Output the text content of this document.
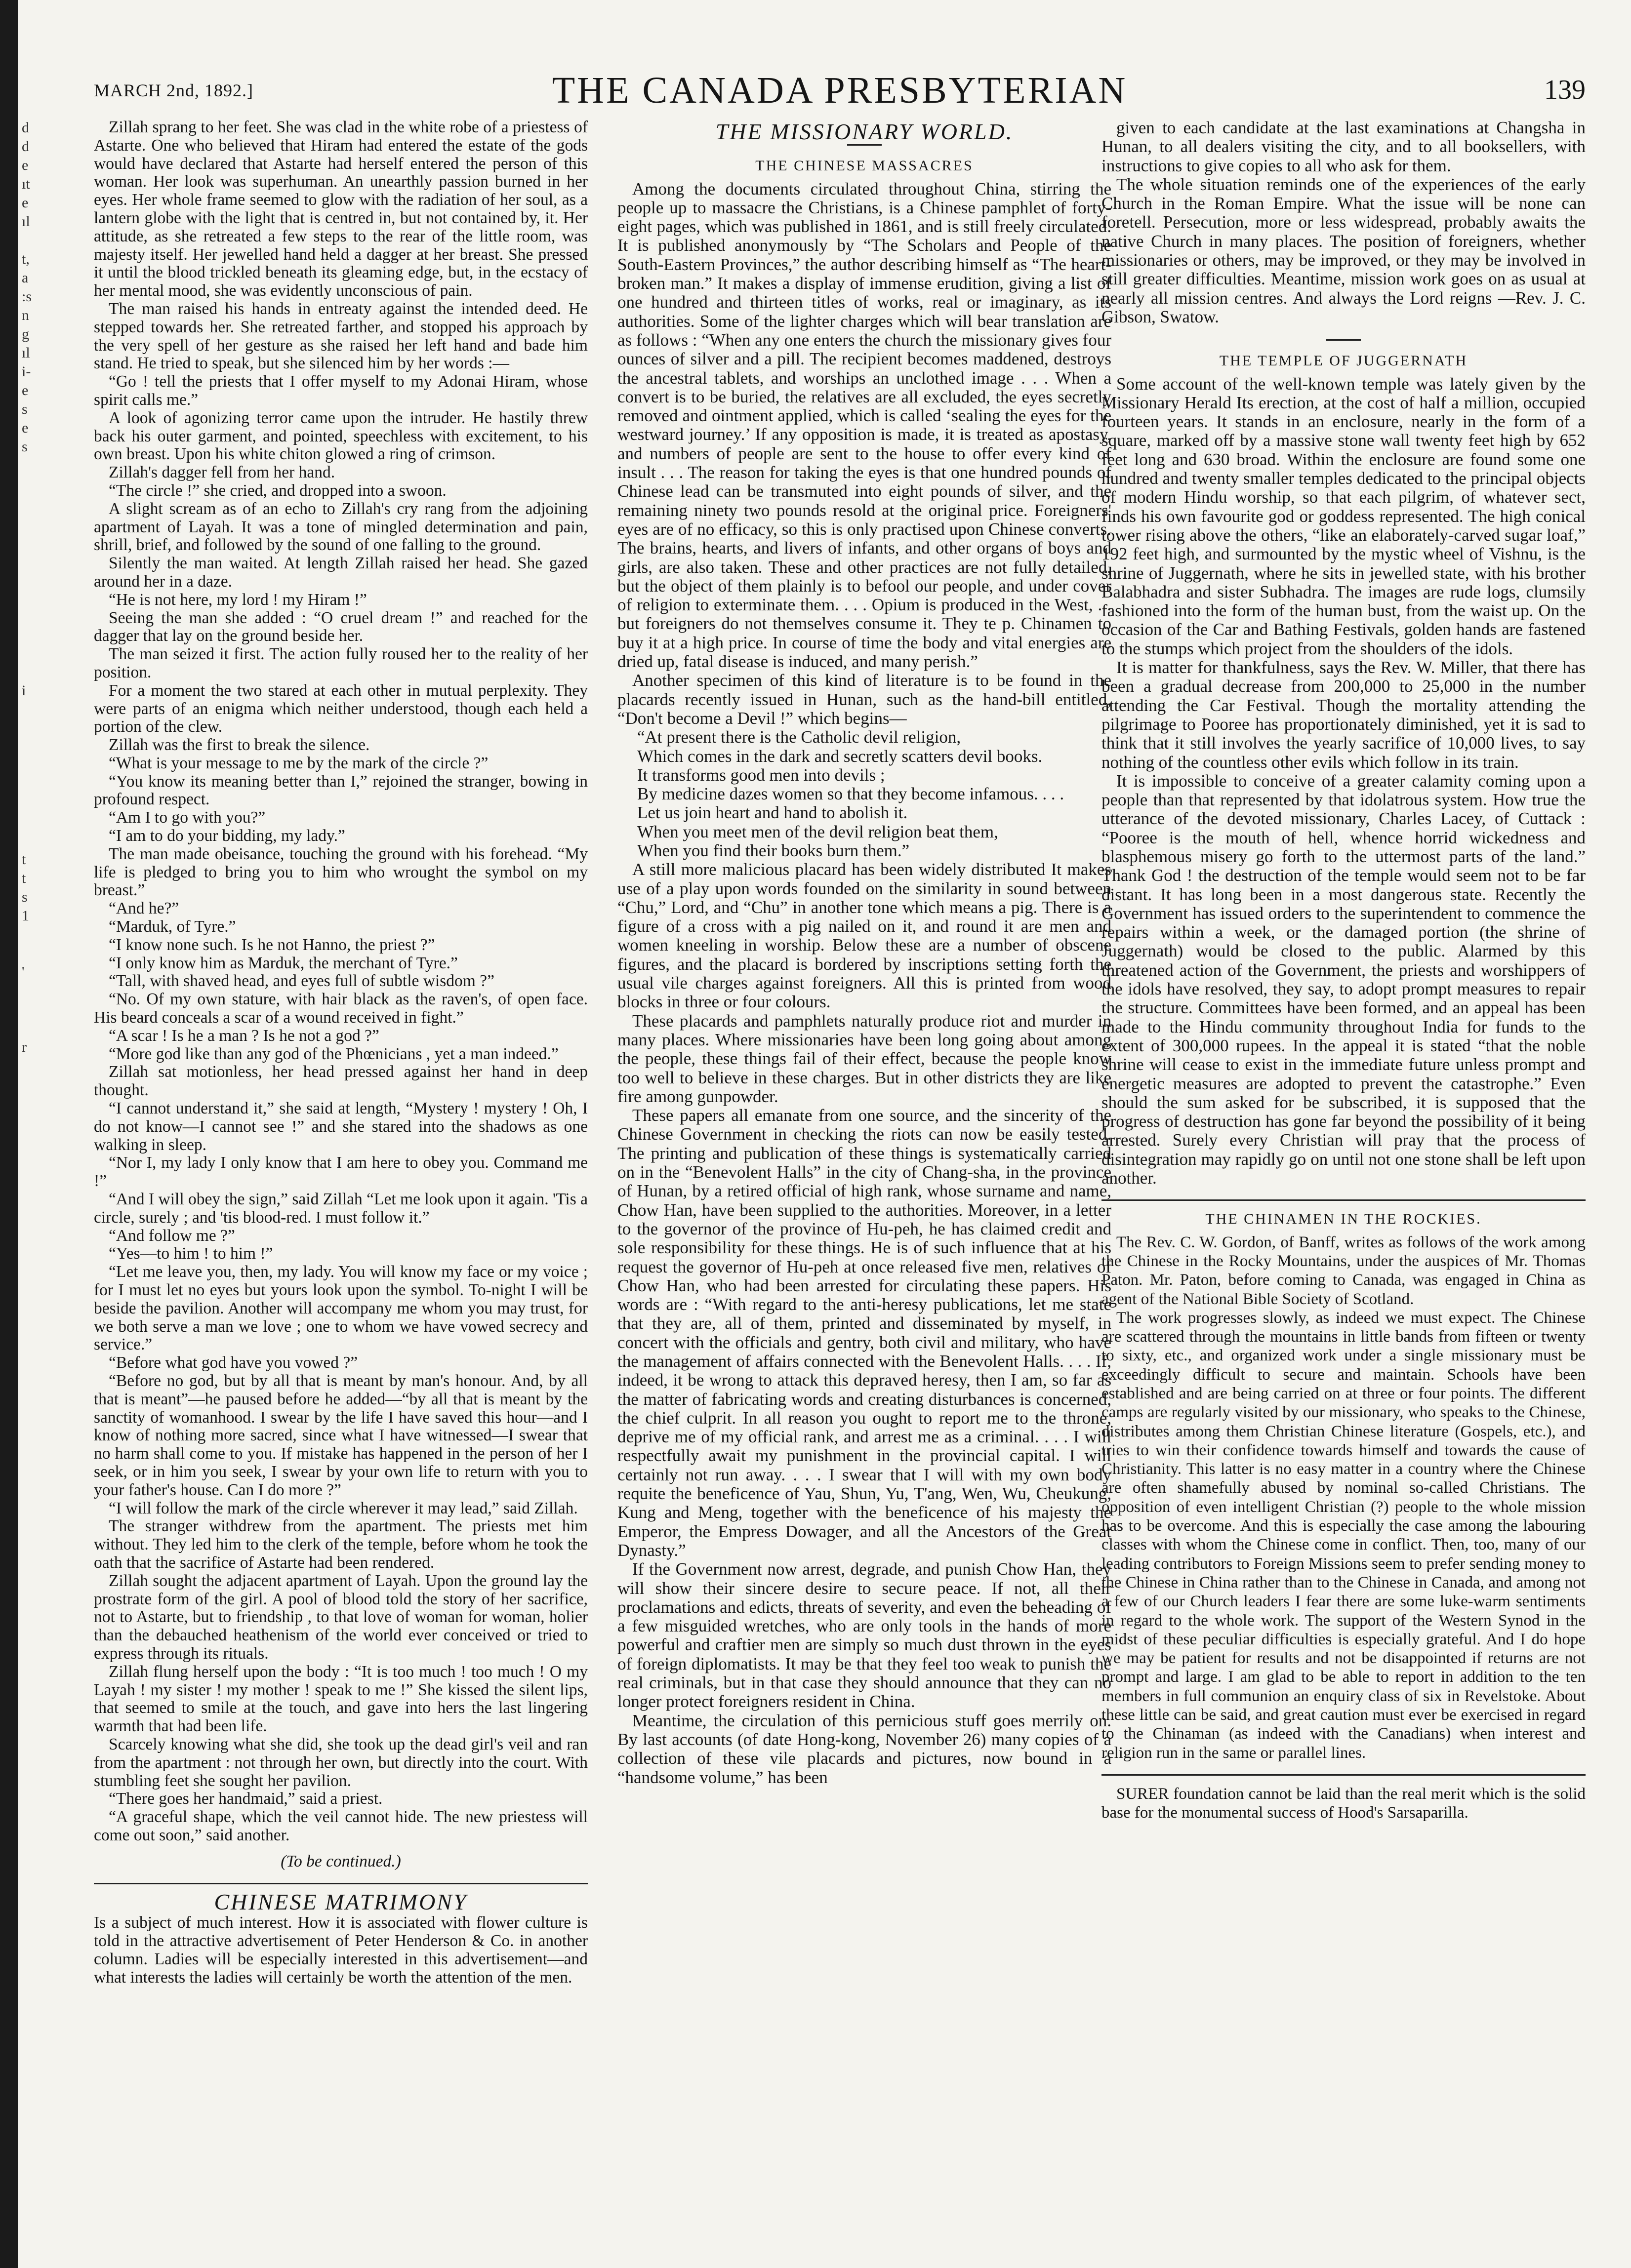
d
d
e
ıt
e
ıl
t,
a
:s
n
g
ıl
i-
e
s
e
s
i
t
t
s
1
'
r
MARCH 2nd, 1892.]	THE CANADA PRESBYTERIAN	139

Zillah sprang to her feet. She was clad in the white robe of a priestess of Astarte. One who believed that Hiram had entered the estate of the gods would have declared that Astarte had herself entered the person of this woman. Her look was superhuman. An unearthly passion burned in her eyes. Her whole frame seemed to glow with the radiation of her soul, as a lantern globe with the light that is centred in, but not contained by, it. Her attitude, as she retreated a few steps to the rear of the little room, was majesty itself. Her jewelled hand held a dagger at her breast. She pressed it until the blood trickled beneath its gleaming edge, but, in the ecstacy of her mental mood, she was evidently unconscious of pain.

The man raised his hands in entreaty against the intended deed. He stepped towards her. She retreated farther, and stopped his approach by the very spell of her gesture as she raised her left hand and bade him stand. He tried to speak, but she silenced him by her words :—

“Go ! tell the priests that I offer myself to my Adonai Hiram, whose spirit calls me.”

A look of agonizing terror came upon the intruder. He hastily threw back his outer garment, and pointed, speechless with excitement, to his own breast. Upon his white chiton glowed a ring of crimson.

Zillah's dagger fell from her hand.

“The circle !” she cried, and dropped into a swoon.

A slight scream as of an echo to Zillah's cry rang from the adjoining apartment of Layah. It was a tone of mingled determination and pain, shrill, brief, and followed by the sound of one falling to the ground.

Silently the man waited. At length Zillah raised her head. She gazed around her in a daze.

“He is not here, my lord ! my Hiram !”

Seeing the man she added : “O cruel dream !” and reached for the dagger that lay on the ground beside her.

The man seized it first. The action fully roused her to the reality of her position.

For a moment the two stared at each other in mutual perplexity. They were parts of an enigma which neither understood, though each held a portion of the clew.

Zillah was the first to break the silence.

“What is your message to me by the mark of the circle ?”

“You know its meaning better than I,” rejoined the stranger, bowing in profound respect.

“Am I to go with you?”

“I am to do your bidding, my lady.”

The man made obeisance, touching the ground with his forehead. “My life is pledged to bring you to him who wrought the symbol on my breast.”

“And he?”

“Marduk, of Tyre.”

“I know none such. Is he not Hanno, the priest ?”

“I only know him as Marduk, the merchant of Tyre.”

“Tall, with shaved head, and eyes full of subtle wisdom ?”

“No. Of my own stature, with hair black as the raven's, of open face. His beard conceals a scar of a wound received in fight.”

“A scar ! Is he a man ? Is he not a god ?”

“More god like than any god of the Phœnicians , yet a man indeed.”

Zillah sat motionless, her head pressed against her hand in deep thought.

“I cannot understand it,” she said at length, “Mystery ! mystery ! Oh, I do not know—I cannot see !” and she stared into the shadows as one walking in sleep.

“Nor I, my lady I only know that I am here to obey you. Command me !”

“And I will obey the sign,” said Zillah “Let me look upon it again. 'Tis a circle, surely ; and 'tis blood-red. I must follow it.”

“And follow me ?”

“Yes—to him ! to him !”

“Let me leave you, then, my lady. You will know my face or my voice ; for I must let no eyes but yours look upon the symbol. To-night I will be beside the pavilion. Another will accompany me whom you may trust, for we both serve a man we love ; one to whom we have vowed secrecy and service.”

“Before what god have you vowed ?”

“Before no god, but by all that is meant by man's honour. And, by all that is meant”—he paused before he added—“by all that is meant by the sanctity of womanhood. I swear by the life I have saved this hour—and I know of nothing more sacred, since what I have witnessed—I swear that no harm shall come to you. If mistake has happened in the person of her I seek, or in him you seek, I swear by your own life to return with you to your father's house. Can I do more ?”

“I will follow the mark of the circle wherever it may lead,” said Zillah.

The stranger withdrew from the apartment. The priests met him without. They led him to the clerk of the temple, before whom he took the oath that the sacrifice of Astarte had been rendered.

Zillah sought the adjacent apartment of Layah. Upon the ground lay the prostrate form of the girl. A pool of blood told the story of her sacrifice, not to Astarte, but to friendship , to that love of woman for woman, holier than the debauched heathenism of the world ever conceived or tried to express through its rituals.

Zillah flung herself upon the body : “It is too much ! too much ! O my Layah ! my sister ! my mother ! speak to me !” She kissed the silent lips, that seemed to smile at the touch, and gave into hers the last lingering warmth that had been life.

Scarcely knowing what she did, she took up the dead girl's veil and ran from the apartment : not through her own, but directly into the court. With stumbling feet she sought her pavilion.

“There goes her handmaid,” said a priest.

“A graceful shape, which the veil cannot hide. The new priestess will come out soon,” said another.

(To be continued.)
CHINESE MATRIMONY

Is a subject of much interest. How it is associated with flower culture is told in the attractive advertisement of Peter Henderson & Co. in another column. Ladies will be especially interested in this advertisement—and what interests the ladies will certainly be worth the attention of the men.

THE MISSIONARY WORLD.
THE CHINESE MASSACRES

Among the documents circulated throughout China, stirring the people up to massacre the Christians, is a Chinese pamphlet of forty-eight pages, which was published in 1861, and is still freely circulated. It is published anonymously by “The Scholars and People of the South-Eastern Provinces,” the author describing himself as “The heart-broken man.” It makes a display of immense erudition, giving a list of one hundred and thirteen titles of works, real or imaginary, as its authorities. Some of the lighter charges which will bear translation are as follows : “When any one enters the church the missionary gives four ounces of silver and a pill. The recipient becomes maddened, destroys the ancestral tablets, and worships an unclothed image . . . When a convert is to be buried, the relatives are all excluded, the eyes secretly removed and ointment applied, which is called ‘sealing the eyes for the westward journey.’ If any opposition is made, it is treated as apostasy, and numbers of people are sent to the house to offer every kind of insult . . . The reason for taking the eyes is that one hundred pounds of Chinese lead can be transmuted into eight pounds of silver, and the remaining ninety two pounds resold at the original price. Foreigners' eyes are of no efficacy, so this is only practised upon Chinese converts. The brains, hearts, and livers of infants, and other organs of boys and girls, are also taken. These and other practices are not fully detailed, but the object of them plainly is to befool our people, and under cover of religion to exterminate them. . . . Opium is produced in the West, . . but foreigners do not themselves consume it. They te p. Chinamen to buy it at a high price. In course of time the body and vital energies are dried up, fatal disease is induced, and many perish.”

Another specimen of this kind of literature is to be found in the placards recently issued in Hunan, such as the hand-bill entitled, “Don't become a Devil !” which begins—

“At present there is the Catholic devil religion,
Which comes in the dark and secretly scatters devil books.
It transforms good men into devils ;
By medicine dazes women so that they become infamous. . . .
Let us join heart and hand to abolish it.
When you meet men of the devil religion beat them,
When you find their books burn them.”

A still more malicious placard has been widely distributed It makes use of a play upon words founded on the similarity in sound between “Chu,” Lord, and “Chu” in another tone which means a pig. There is a figure of a cross with a pig nailed on it, and round it are men and women kneeling in worship. Below these are a number of obscene figures, and the placard is bordered by inscriptions setting forth the usual vile charges against foreigners. All this is printed from wood blocks in three or four colours.

These placards and pamphlets naturally produce riot and murder in many places. Where missionaries have been long going about among the people, these things fail of their effect, because the people know too well to believe in these charges. But in other districts they are like fire among gunpowder.

These papers all emanate from one source, and the sincerity of the Chinese Government in checking the riots can now be easily tested. The printing and publication of these things is systematically carried on in the “Benevolent Halls” in the city of Chang-sha, in the province of Hunan, by a retired official of high rank, whose surname and name, Chow Han, have been supplied to the authorities. Moreover, in a letter to the governor of the province of Hu-peh, he has claimed credit and sole responsibility for these things. He is of such influence that at his request the governor of Hu-peh at once released five men, relatives of Chow Han, who had been arrested for circulating these papers. His words are : “With regard to the anti-heresy publications, let me state that they are, all of them, printed and disseminated by myself, in concert with the officials and gentry, both civil and military, who have the management of affairs connected with the Benevolent Halls. . . . If, indeed, it be wrong to attack this depraved heresy, then I am, so far as the matter of fabricating words and creating disturbances is concerned, the chief culprit. In all reason you ought to report me to the throne, deprive me of my official rank, and arrest me as a criminal. . . . I will respectfully await my punishment in the provincial capital. I will certainly not run away. . . . I swear that I will with my own body requite the beneficence of Yau, Shun, Yu, T'ang, Wen, Wu, Cheukung, Kung and Meng, together with the beneficence of his majesty the Emperor, the Empress Dowager, and all the Ancestors of the Great Dynasty.”

If the Government now arrest, degrade, and punish Chow Han, they will show their sincere desire to secure peace. If not, all their proclamations and edicts, threats of severity, and even the beheading of a few misguided wretches, who are only tools in the hands of more powerful and craftier men are simply so much dust thrown in the eyes of foreign diplomatists. It may be that they feel too weak to punish the real criminals, but in that case they should announce that they can no longer protect foreigners resident in China.

Meantime, the circulation of this pernicious stuff goes merrily on. By last accounts (of date Hong-kong, November 26) many copies of a collection of these vile placards and pictures, now bound in a “handsome volume,” has been

given to each candidate at the last examinations at Changsha in Hunan, to all dealers visiting the city, and to all booksellers, with instructions to give copies to all who ask for them.

The whole situation reminds one of the experiences of the early Church in the Roman Empire. What the issue will be none can foretell. Persecution, more or less widespread, probably awaits the native Church in many places. The position of foreigners, whether missionaries or others, may be improved, or they may be involved in still greater difficulties. Meantime, mission work goes on as usual at nearly all mission centres. And always the Lord reigns —Rev. J. C. Gibson, Swatow.

THE TEMPLE OF JUGGERNATH

Some account of the well-known temple was lately given by the Missionary Herald Its erection, at the cost of half a million, occupied fourteen years. It stands in an enclosure, nearly in the form of a square, marked off by a massive stone wall twenty feet high by 652 feet long and 630 broad. Within the enclosure are found some one hundred and twenty smaller temples dedicated to the principal objects of modern Hindu worship, so that each pilgrim, of whatever sect, finds his own favourite god or goddess represented. The high conical tower rising above the others, “like an elaborately-carved sugar loaf,” 192 feet high, and surmounted by the mystic wheel of Vishnu, is the shrine of Juggernath, where he sits in jewelled state, with his brother Balabhadra and sister Subhadra. The images are rude logs, clumsily fashioned into the form of the human bust, from the waist up. On the occasion of the Car and Bathing Festivals, golden hands are fastened to the stumps which project from the shoulders of the idols.

It is matter for thankfulness, says the Rev. W. Miller, that there has been a gradual decrease from 200,000 to 25,000 in the number attending the Car Festival. Though the mortality attending the pilgrimage to Pooree has proportionately diminished, yet it is sad to think that it still involves the yearly sacrifice of 10,000 lives, to say nothing of the countless other evils which follow in its train.

It is impossible to conceive of a greater calamity coming upon a people than that represented by that idolatrous system. How true the utterance of the devoted missionary, Charles Lacey, of Cuttack : “Pooree is the mouth of hell, whence horrid wickedness and blasphemous misery go forth to the uttermost parts of the land.” Thank God ! the destruction of the temple would seem not to be far distant. It has long been in a most dangerous state. Recently the Government has issued orders to the superintendent to commence the repairs within a week, or the damaged portion (the shrine of Juggernath) would be closed to the public. Alarmed by this threatened action of the Government, the priests and worshippers of the idols have resolved, they say, to adopt prompt measures to repair the structure. Committees have been formed, and an appeal has been made to the Hindu community throughout India for funds to the extent of 300,000 rupees. In the appeal it is stated “that the noble shrine will cease to exist in the immediate future unless prompt and energetic measures are adopted to prevent the catastrophe.” Even should the sum asked for be subscribed, it is supposed that the progress of destruction has gone far beyond the possibility of it being arrested. Surely every Christian will pray that the process of disintegration may rapidly go on until not one stone shall be left upon another.

THE CHINAMEN IN THE ROCKIES.

The Rev. C. W. Gordon, of Banff, writes as follows of the work among the Chinese in the Rocky Mountains, under the auspices of Mr. Thomas Paton. Mr. Paton, before coming to Canada, was engaged in China as agent of the National Bible Society of Scotland.

The work progresses slowly, as indeed we must expect. The Chinese are scattered through the mountains in little bands from fifteen or twenty to sixty, etc., and organized work under a single missionary must be exceedingly difficult to secure and maintain. Schools have been established and are being carried on at three or four points. The different camps are regularly visited by our missionary, who speaks to the Chinese, distributes among them Christian Chinese literature (Gospels, etc.), and tries to win their confidence towards himself and towards the cause of Christianity. This latter is no easy matter in a country where the Chinese are often shamefully abused by nominal so-called Christians. The opposition of even intelligent Christian (?) people to the whole mission has to be overcome. And this is especially the case among the labouring classes with whom the Chinese come in conflict. Then, too, many of our leading contributors to Foreign Missions seem to prefer sending money to the Chinese in China rather than to the Chinese in Canada, and among not a few of our Church leaders I fear there are some luke-warm sentiments in regard to the whole work. The support of the Western Synod in the midst of these peculiar difficulties is especially grateful. And I do hope we may be patient for results and not be disappointed if returns are not prompt and large. I am glad to be able to report in addition to the ten members in full communion an enquiry class of six in Revelstoke. About these little can be said, and great caution must ever be exercised in regard to the Chinaman (as indeed with the Canadians) when interest and religion run in the same or parallel lines.

SURER foundation cannot be laid than the real merit which is the solid base for the monumental success of Hood's Sarsaparilla.
